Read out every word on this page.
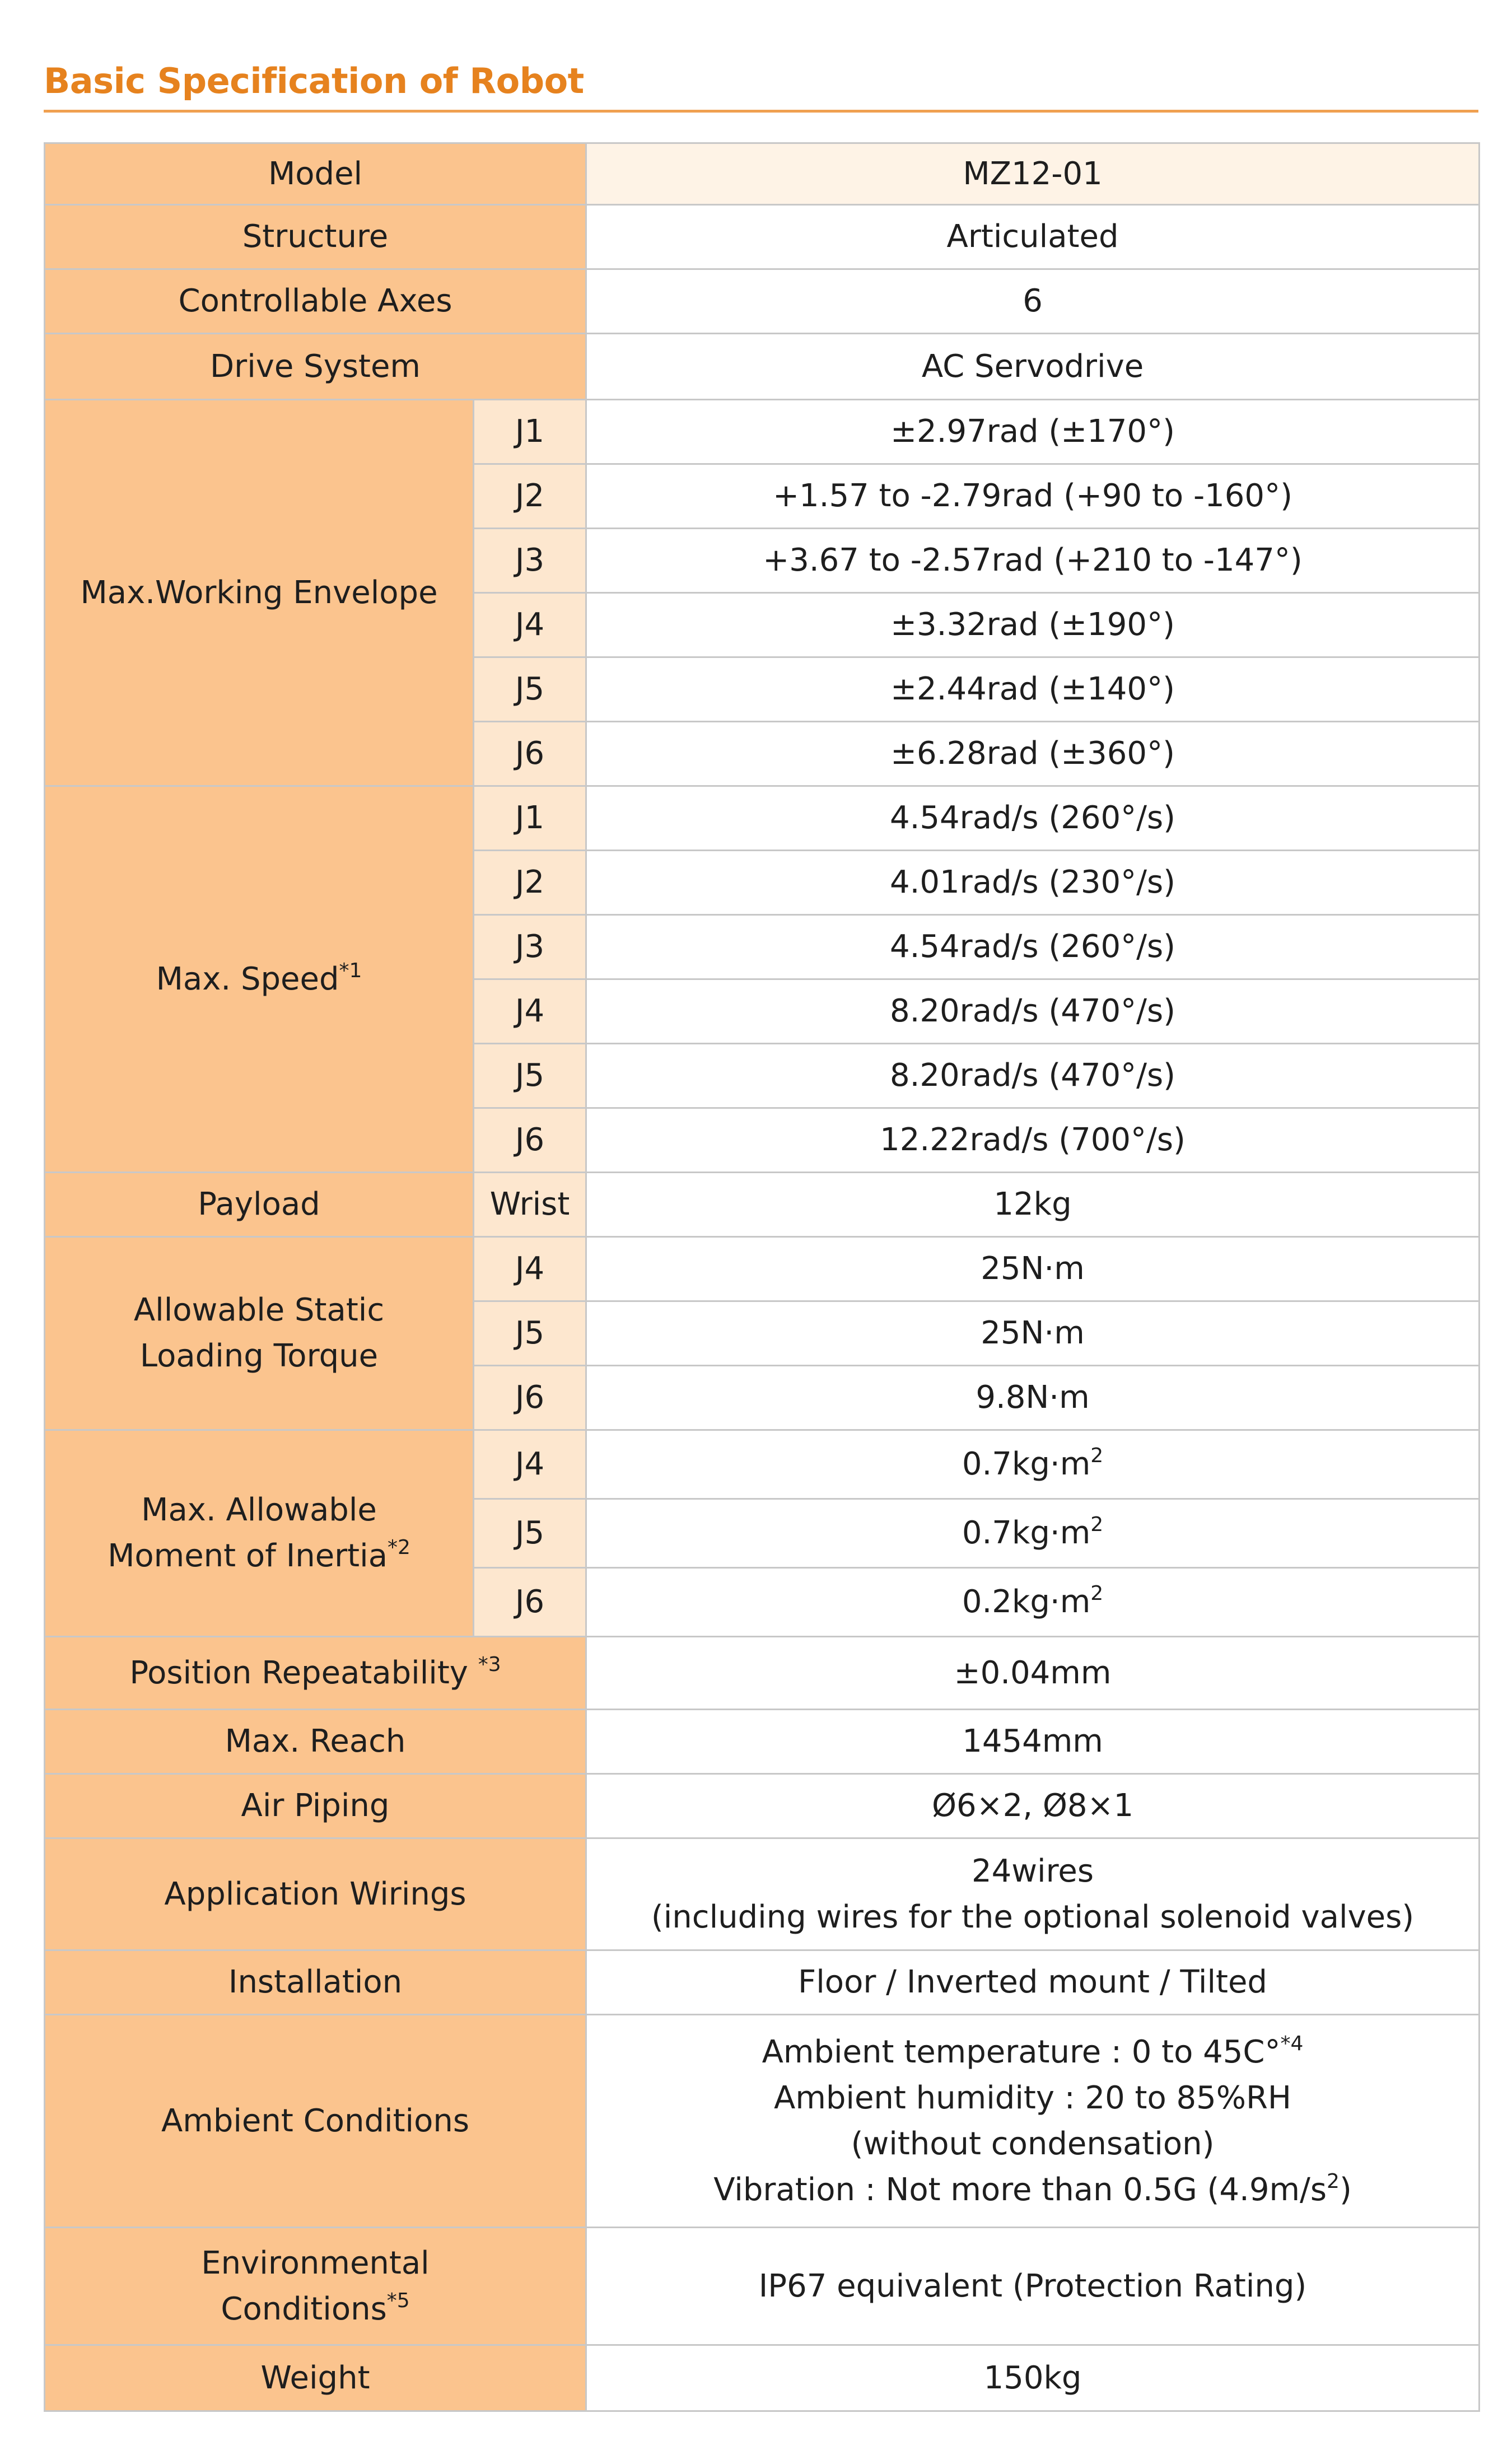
Basic Specification of Robot
Model		MZ12-01
Structure		Articulated
Controllable Axes		6
Drive System		AC Servodrive
Max.Working Envelope	J1	±2.97rad (±170°)
	J2	+1.57 to -2.79rad (+90 to -160°)
	J3	+3.67 to -2.57rad (+210 to -147°)
	J4	±3.32rad (±190°)
	J5	±2.44rad (±140°)
	J6	±6.28rad (±360°)
Max. Speed$^{*1}$	J1	4.54rad/s (260°/s)
	J2	4.01rad/s (230°/s)
	J3	4.54rad/s (260°/s)
	J4	8.20rad/s (470°/s)
	J5	8.20rad/s (470°/s)
	J6	12.22rad/s (700°/s)
Payload	Wrist	12kg
Allowable Static
Loading Torque	J4	25N·m
	J5	25N·m
	J6	9.8N·m
Max. Allowable
Moment of Inertia$^{*2}$	J4	$0.7kg\cdot m^2$
	J5	$0.7kg\cdot m^2$
	J6	$0.2kg\cdot m^2$
Position Repeatability $^{*3}$		±0.04mm
Max. Reach		1454mm
Air Piping		Ø6×2, Ø8×1
Application Wirings		24wires
(including wires for the optional solenoid valves)
Installation		Floor / Inverted mount / Tilted
Ambient Conditions		Ambient temperature : 0 to 45C°$^{*4}$
Ambient humidity : 20 to 85%RH
(without condensation)
Vibration : Not more than 0.5G $(4.9m/s^2)$
Environmental
Conditions$^{*5}$		IP67 equivalent (Protection Rating)
Weight		150kg
